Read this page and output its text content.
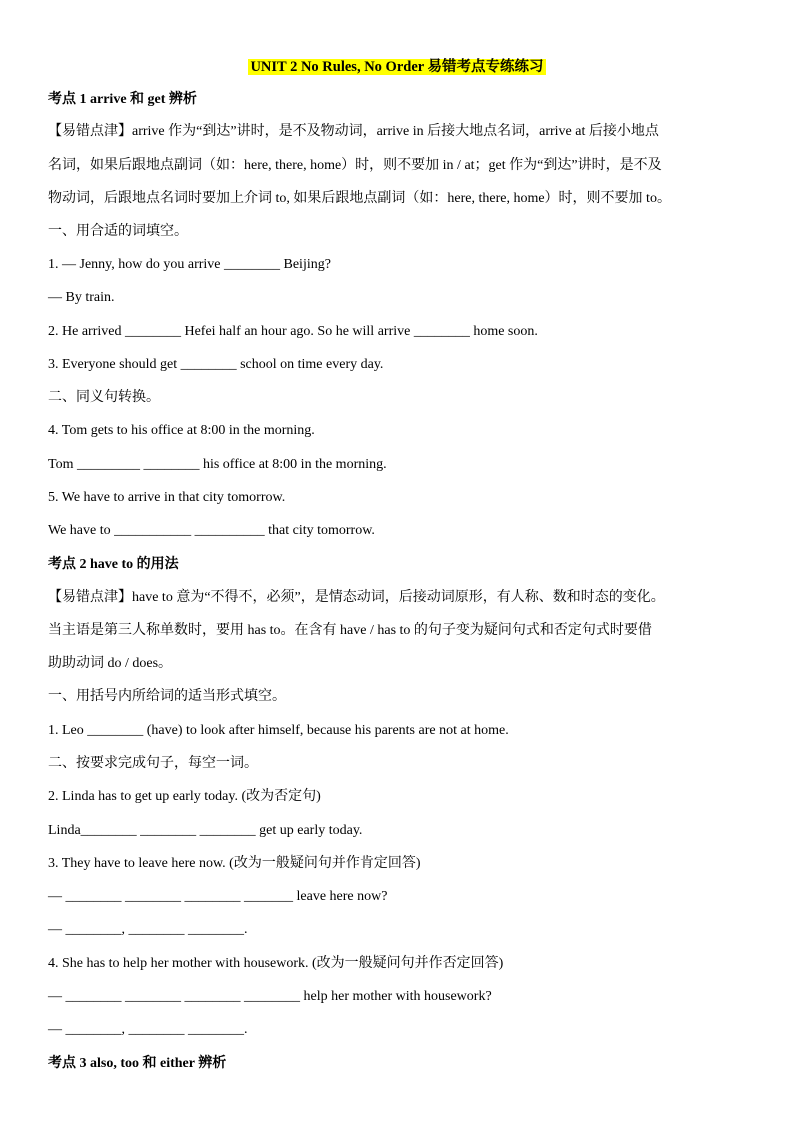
UNIT 2 No Rules, No Order 易错考点专练练习
考点 1 arrive 和 get 辨析
【易错点津】arrive 作为“到达”讲时，是不及物动词，arrive in 后接大地点名词，arrive at 后接小地点
名词，如果后跟地点副词（如：here, there, home）时，则不要加 in / at；get 作为“到达”讲时，是不及
物动词，后跟地点名词时要加上介词 to, 如果后跟地点副词（如：here, there, home）时，则不要加 to。
一、用合适的词填空。
1. — Jenny, how do you arrive ________ Beijing?
— By train.
2. He arrived ________ Hefei half an hour ago. So he will arrive ________ home soon.
3. Everyone should get ________ school on time every day.
二、同义句转换。
4. Tom gets to his office at 8:00 in the morning.
Tom _________ ________ his office at 8:00 in the morning.
5. We have to arrive in that city tomorrow.
We have to ___________ __________ that city tomorrow.
考点 2 have to 的用法
【易错点津】have to 意为“不得不，必须”，是情态动词，后接动词原形，有人称、数和时态的变化。
当主语是第三人称单数时，要用 has to。在含有 have / has to 的句子变为疑问句式和否定句式时要借
助助动词 do / does。
一、用括号内所给词的适当形式填空。
1. Leo ________ (have) to look after himself, because his parents are not at home.
二、按要求完成句子，每空一词。
2. Linda has to get up early today. (改为否定句)
Linda________ ________ ________ get up early today.
3. They have to leave here now. (改为一般疑问句并作肯定回答)
— ________ ________ ________ _______ leave here now?
— ________, ________ ________.
4. She has to help her mother with housework. (改为一般疑问句并作否定回答)
— ________ ________ ________ ________ help her mother with housework?
— ________, ________ ________.
考点 3 also, too 和 either 辨析
